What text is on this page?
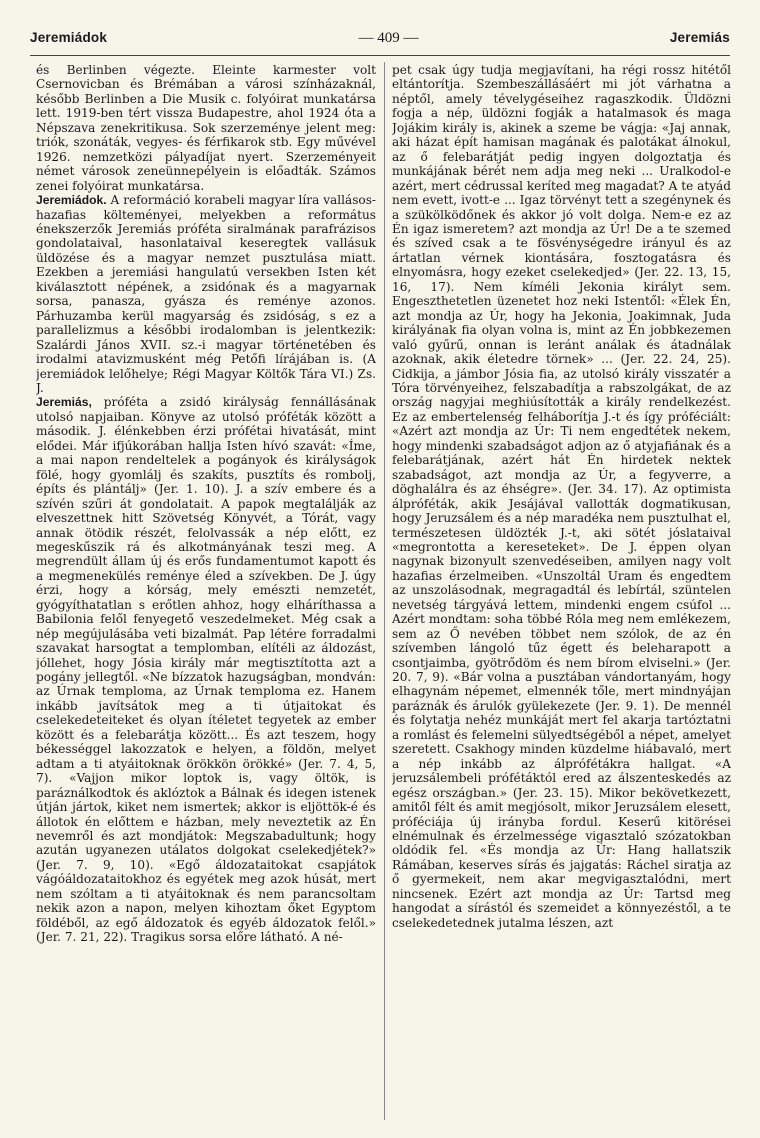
Jeremiádok	— 409 —	Jeremiás

és Berlinben végezte. Eleinte karmester volt Csernovicban és Brémában a városi színházaknál, később Berlinben a Die Musik c. folyóirat munkatársa lett. 1919-ben tért vissza Budapestre, ahol 1924 óta a Népszava zenekritikusa. Sok szerzeménye jelent meg: triók, szonáták, vegyes- és férfikarok stb. Egy művével 1926. nemzetközi pályadíjat nyert. Szerzeményeit német városok zeneünnepélyein is előadták. Számos zenei folyóirat munkatársa.

Jeremiádok. A reformáció korabeli magyar líra vallásos-hazafias költeményei, melyekben a református énekszerzők Jeremiás próféta siralmának parafrázisos gondolataival, hasonlataival keseregtek vallásuk üldözése és a magyar nemzet pusztulása miatt. Ezekben a jeremiási hangulatú versekben Isten két kiválasztott népének, a zsidónak és a magyarnak sorsa, panasza, gyásza és reménye azonos. Párhuzamba kerül magyarság és zsidóság, s ez a parallelizmus a későbbi irodalomban is jelentkezik: Szalárdi János XVII. sz.-i magyar történetében és irodalmi atavizmusként még Petőfi lírájában is. (A jeremiádok lelőhelye; Régi Magyar Költők Tára VI.) Zs. J.

Jeremiás, próféta a zsidó királyság fennállásának utolsó napjaiban. Könyve az utolsó próféták között a második. J. élénkebben érzi prófétai hivatását, mint elődei. Már ifjúkorában hallja Isten hívó szavát: «Íme, a mai napon rendeltelek a pogányok és királyságok fölé, hogy gyomlálj és szakíts, pusztíts és rombolj, építs és plántálj» (Jer. 1. 10). J. a szív embere és a szívén szűri át gondolatait. A papok megtalálják az elveszettnek hitt Szövetség Könyvét, a Tórát, vagy annak ötödik részét, felolvassák a nép előtt, ez megeskűszik rá és alkotmányának teszi meg. A megrendült állam új és erős fundamentumot kapott és a megmenekülés reménye éled a szívekben. De J. úgy érzi, hogy a kórság, mely emészti nemzetét, gyógyíthatatlan s erőtlen ahhoz, hogy elháríthassa a Babilonia felől fenyegető veszedelmeket. Még csak a nép megújulásába veti bizalmát. Pap létére forradalmi szavakat harsogtat a templomban, elítéli az áldozást, jóllehet, hogy Jósia király már megtisztította azt a pogány jellegtől. «Ne bízzatok hazugságban, mondván: az Úrnak temploma, az Úrnak temploma ez. Hanem inkább javítsátok meg a ti útjaitokat és cselekedeteiteket és olyan ítéletet tegyetek az ember között és a felebarátja között... És azt teszem, hogy békességgel lakozzatok e helyen, a földön, melyet adtam a ti atyáitoknak örökkön örökké» (Jer. 7. 4, 5, 7). «Vajjon mikor loptok is, vagy öltök, is paráználkodtok és aklóztok a Bálnak és idegen istenek útján jártok, kiket nem ismertek; akkor is eljöttök-é és állotok én előttem e házban, mely neveztetik az Én nevemről és azt mondjátok: Megszabadultunk; hogy azután ugyanezen utálatos dolgokat cselekedjétek?» (Jer. 7. 9, 10). «Egő áldozataitokat csapjátok vágóáldozataitokhoz és egyétek meg azok húsát, mert nem szóltam a ti atyáitoknak és nem parancsoltam nekik azon a napon, melyen kihoztam őket Egyptom földéből, az egő áldozatok és egyéb áldozatok felől.» (Jer. 7. 21, 22). Tragikus sorsa előre látható. A né-

pet csak úgy tudja megjavítani, ha régi rossz hitétől eltántorítja. Szembeszállásáért mi jót várhatna a néptől, amely tévelygéseihez ragaszkodik. Üldözni fogja a nép, üldözni fogják a hatalmasok és maga Jojákim király is, akinek a szeme be vágja: «Jaj annak, aki házat épít hamisan magának és palotákat álnokul, az ő felebarátját pedig ingyen dolgoztatja és munkájának bérét nem adja meg neki ... Uralkodol-e azért, mert cédrussal keríted meg magadat? A te atyád nem evett, ivott-e ... Igaz törvényt tett a szegénynek és a szükölködőnek és akkor jó volt dolga. Nem-e ez az Én igaz ismeretem? azt mondja az Úr! De a te szemed és szíved csak a te fösvénységedre irányul és az ártatlan vérnek kiontására, fosztogatásra és elnyomásra, hogy ezeket cselekedjed» (Jer. 22. 13, 15, 16, 17). Nem kíméli Jekonia királyt sem. Engeszthetetlen üzenetet hoz neki Istentől: «Élek Én, azt mondja az Úr, hogy ha Jekonia, Joakimnak, Juda királyának fia olyan volna is, mint az Én jobbkezemen való gyűrű, onnan is leránt análak és átadnálak azoknak, akik életedre törnek» ... (Jer. 22. 24, 25). Cidkija, a jámbor Jósia fia, az utolsó király visszatér a Tóra törvényeihez, felszabadítja a rabszolgákat, de az ország nagyjai meghiúsították a király rendelkezést. Ez az embertelenség felháborítja J.-t és így próféciált: «Azért azt mondja az Úr: Ti nem engedtétek nekem, hogy mindenki szabadságot adjon az ő atyjafiának és a felebarátjának, azért hát Én hirdetek nektek szabadságot, azt mondja az Úr, a fegyverre, a döghalálra és az éhségre». (Jer. 34. 17). Az optimista álpróféták, akik Jesájával vallották dogmatikusan, hogy Jeruzsálem és a nép maradéka nem pusztulhat el, természetesen üldözték J.-t, aki sötét jóslataival «megrontotta a kereseteket». De J. éppen olyan nagynak bizonyult szenvedéseiben, amilyen nagy volt hazafias érzelmeiben. «Unszoltál Uram és engedtem az unszolásodnak, megragadtál és lebírtál, szüntelen nevetség tárgyává lettem, mindenki engem csúfol ... Azért mondtam: soha többé Róla meg nem emlékezem, sem az Ő nevében többet nem szólok, de az én szívemben lángoló tűz égett és beleharapott a csontjaimba, gyötrődöm és nem bírom elviselni.» (Jer. 20. 7, 9). «Bár volna a pusztában vándortanyám, hogy elhagynám népemet, elmennék tőle, mert mindnyájan paráznák és árulók gyülekezete (Jer. 9. 1). De mennél és folytatja nehéz munkáját mert fel akarja tartóztatni a romlást és felemelni sülyedtségéből a népet, amelyet szeretett. Csakhogy minden küzdelme hiábavaló, mert a nép inkább az álprófétákra hallgat. «A jeruzsálembeli prófétáktól ered az álszenteskedés az egész országban.» (Jer. 23. 15). Mikor bekövetkezett, amitől félt és amit megjósolt, mikor Jeruzsálem elesett, próféciája új irányba fordul. Keserű kitörései elnémulnak és érzelmessége vigasztaló szózatokban oldódik fel. «És mondja az Úr: Hang hallatszik Rámában, keserves sírás és jajgatás: Ráchel siratja az ő gyermekeit, nem akar megvigasztalódni, mert nincsenek. Ezért azt mondja az Úr: Tartsd meg hangodat a sírástól és szemeidet a könnyezéstől, a te cselekedetednek jutalma lészen, azt
